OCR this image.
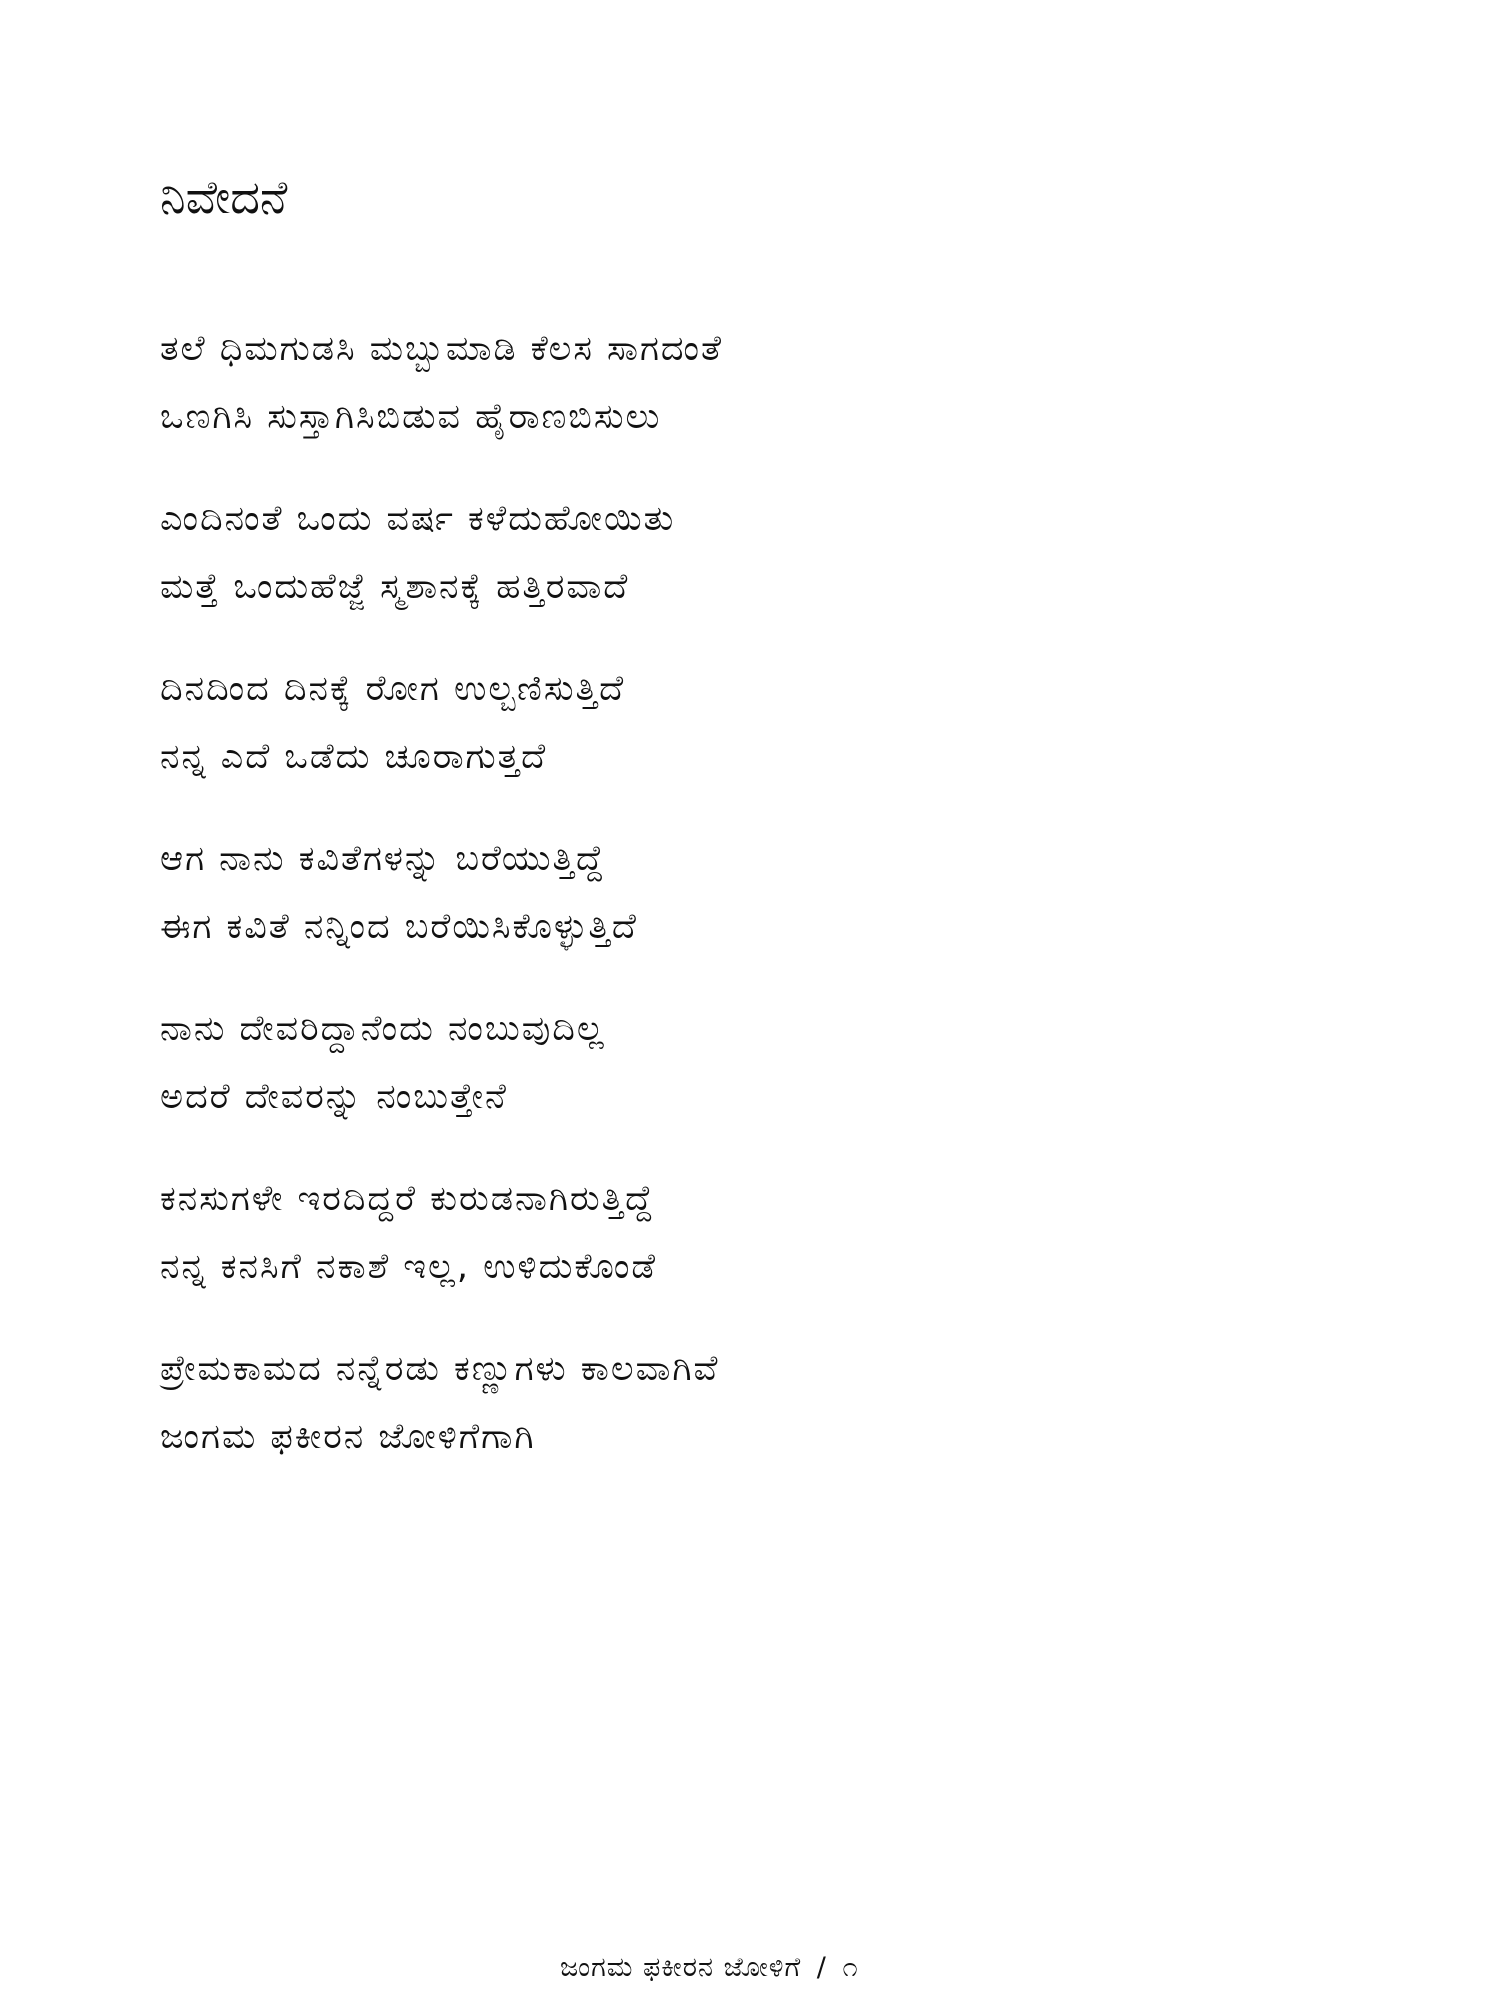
ನಿವೇದನೆ
ತಲೆ ಧಿಮಗುಡಸಿ ಮಬ್ಬುಮಾಡಿ ಕೆಲಸ ಸಾಗದಂತೆ
ಒಣಗಿಸಿ ಸುಸ್ತಾಗಿಸಿಬಿಡುವ ಹೈರಾಣಬಿಸುಲು
ಎಂದಿನಂತೆ ಒಂದು ವರ್ಷ ಕಳೆದುಹೋಯಿತು
ಮತ್ತೆ ಒಂದುಹೆಜ್ಜೆ ಸ್ಮಶಾನಕ್ಕೆ ಹತ್ತಿರವಾದೆ
ದಿನದಿಂದ ದಿನಕ್ಕೆ ರೋಗ ಉಲ್ಬಣಿಸುತ್ತಿದೆ
ನನ್ನ ಎದೆ ಒಡೆದು ಚೂರಾಗುತ್ತದೆ
ಆಗ ನಾನು ಕವಿತೆಗಳನ್ನು ಬರೆಯುತ್ತಿದ್ದೆ
ಈಗ ಕವಿತೆ ನನ್ನಿಂದ ಬರೆಯಿಸಿಕೊಳ್ಳುತ್ತಿದೆ
ನಾನು ದೇವರಿದ್ದಾನೆಂದು ನಂಬುವುದಿಲ್ಲ
ಅದರೆ ದೇವರನ್ನು ನಂಬುತ್ತೇನೆ
ಕನಸುಗಳೇ ಇರದಿದ್ದರೆ ಕುರುಡನಾಗಿರುತ್ತಿದ್ದೆ
ನನ್ನ ಕನಸಿಗೆ ನಕಾಶೆ ಇಲ್ಲ, ಉಳಿದುಕೊಂಡೆ
ಪ್ರೇಮಕಾಮದ ನನ್ನೆರಡು ಕಣ್ಣುಗಳು ಕಾಲವಾಗಿವೆ
ಜಂಗಮ ಫಕೀರನ ಜೋಳಿಗೆಗಾಗಿ
ಜಂಗಮ ಫಕೀರನ ಜೋಳಿಗೆ / ೧
